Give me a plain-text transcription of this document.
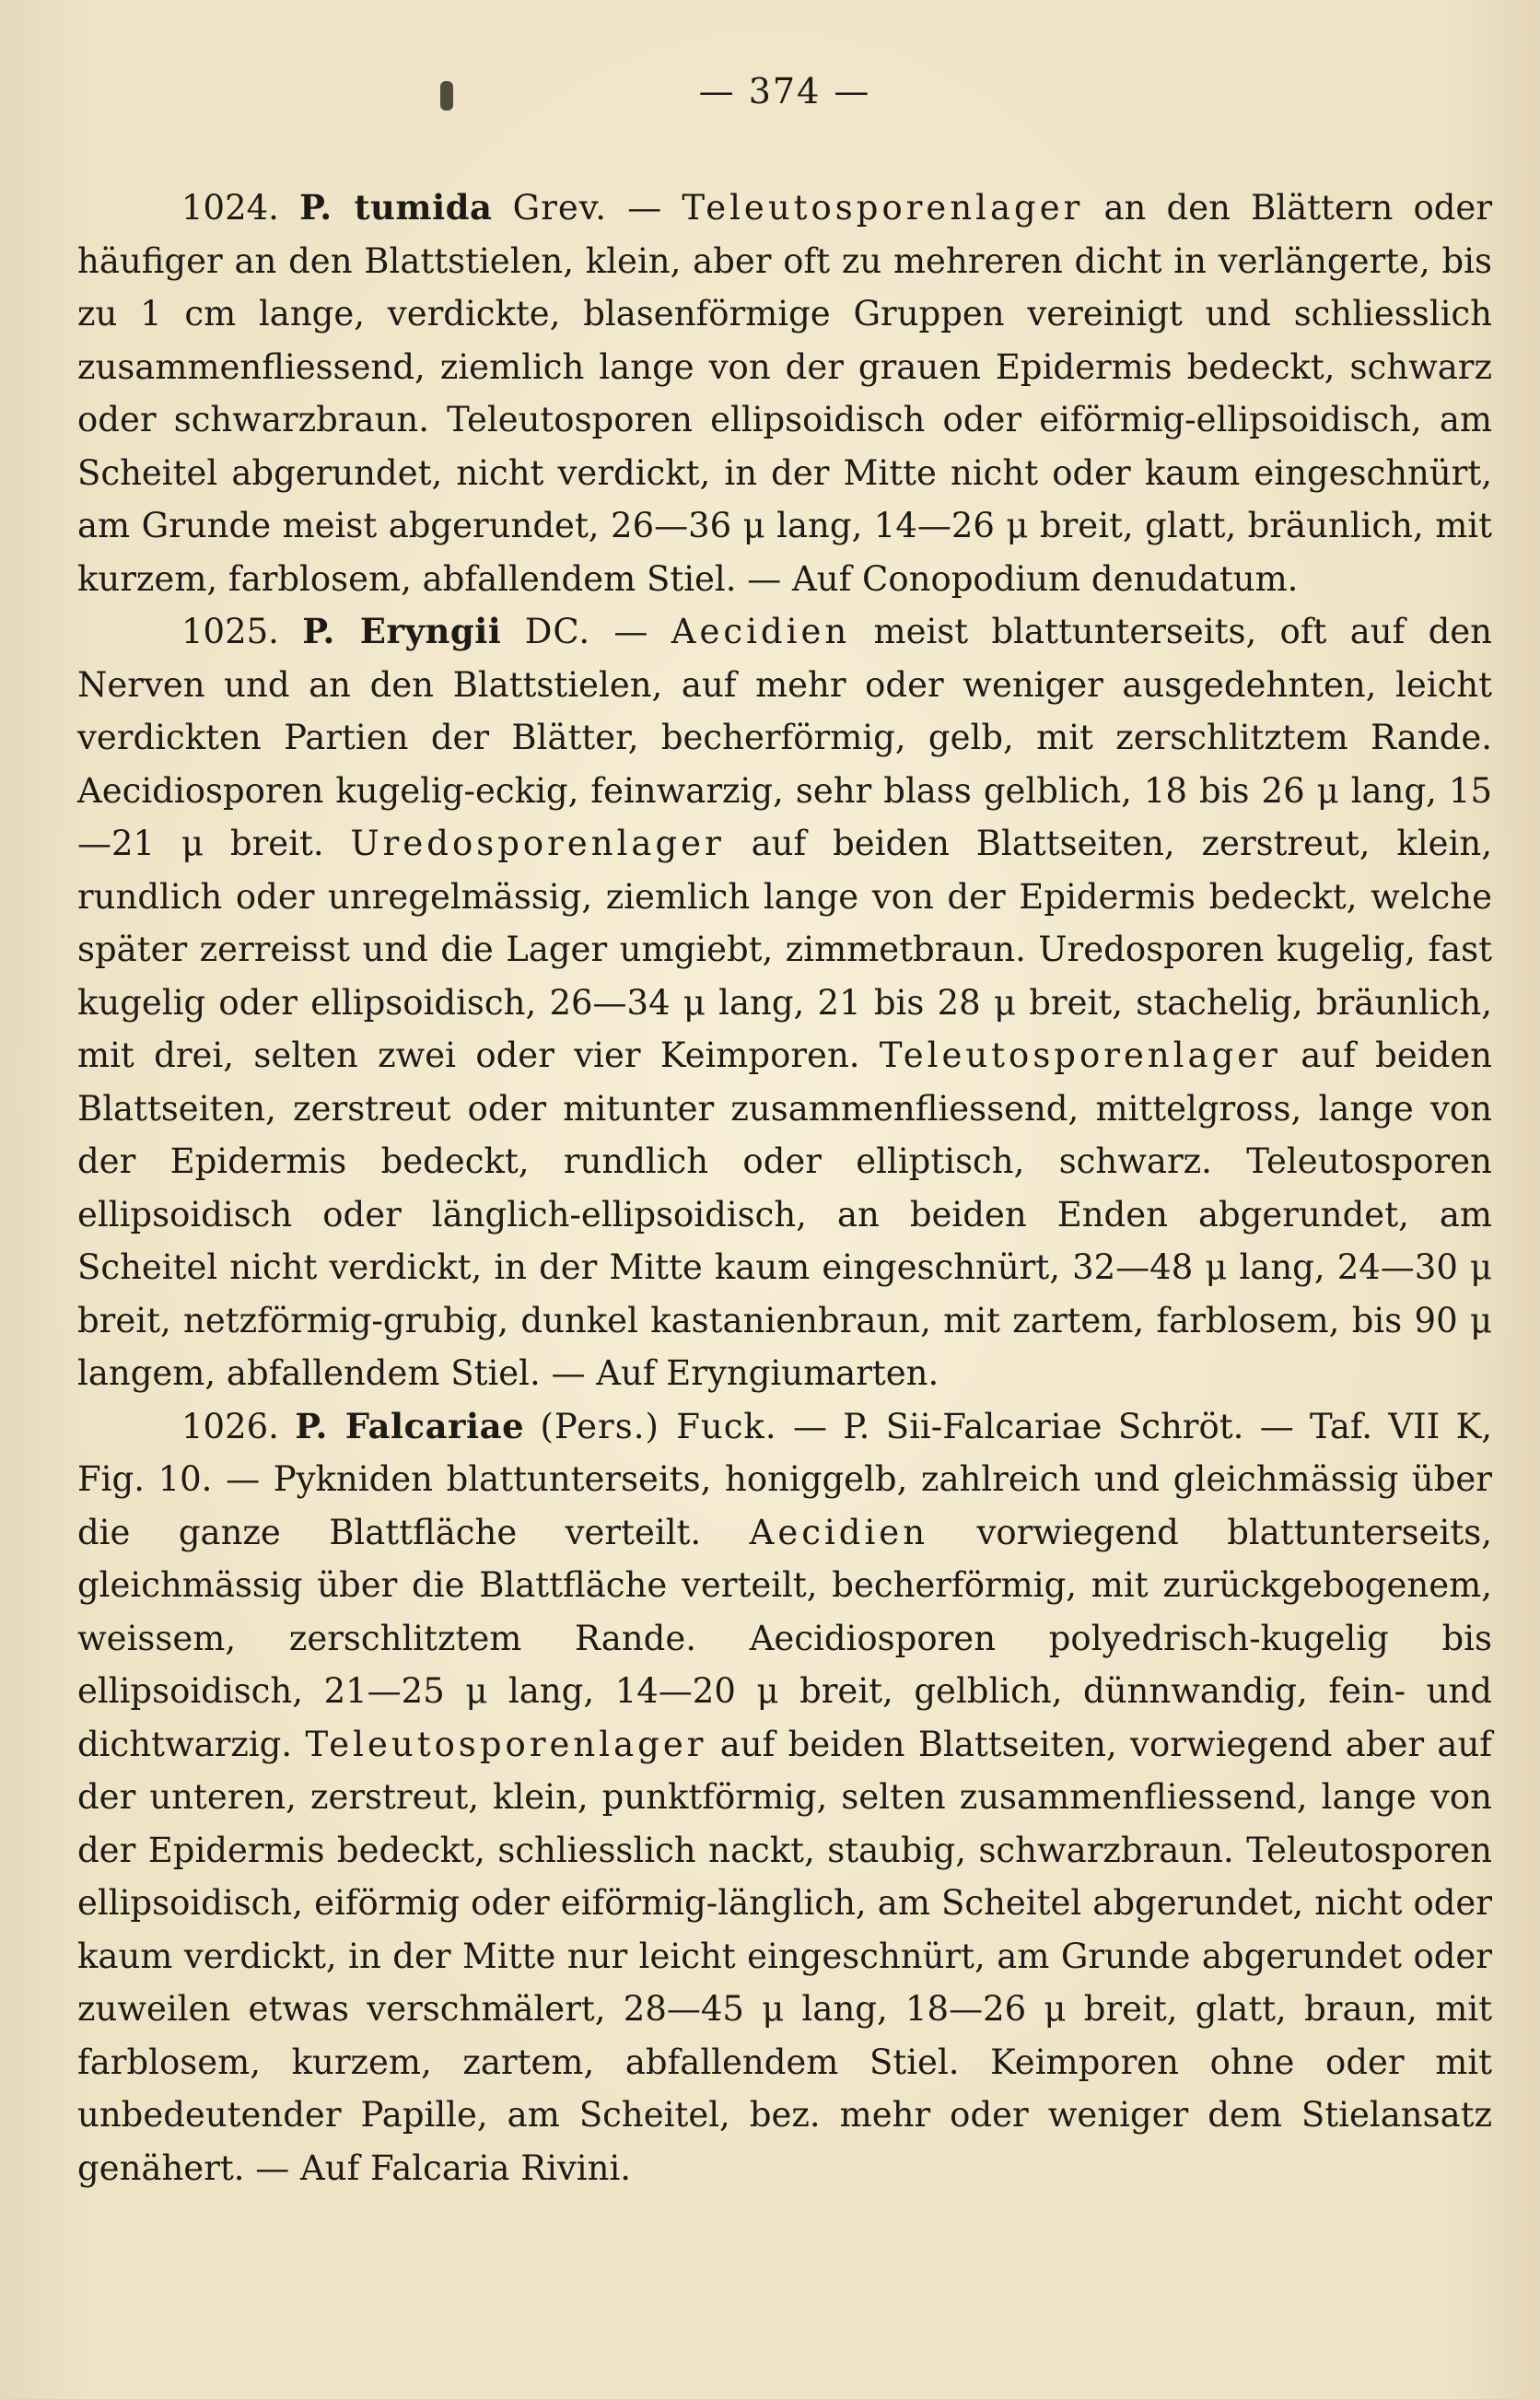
— 374 —

1024. P. tumida Grev. — Teleutosporenlager an den Blättern oder häufiger an den Blattstielen, klein, aber oft zu mehreren dicht in verlängerte, bis zu 1 cm lange, verdickte, blasenförmige Gruppen vereinigt und schliesslich zusammenfliessend, ziemlich lange von der grauen Epidermis bedeckt, schwarz oder schwarzbraun. Teleutosporen ellipsoidisch oder eiförmig-ellipsoidisch, am Scheitel abgerundet, nicht verdickt, in der Mitte nicht oder kaum eingeschnürt, am Grunde meist abgerundet, 26—36 μ lang, 14—26 μ breit, glatt, bräunlich, mit kurzem, farblosem, abfallendem Stiel. — Auf Conopodium denudatum.

1025. P. Eryngii DC. — Aecidien meist blattunterseits, oft auf den Nerven und an den Blattstielen, auf mehr oder weniger ausgedehnten, leicht verdickten Partien der Blätter, becherförmig, gelb, mit zerschlitztem Rande. Aecidiosporen kugelig-eckig, feinwarzig, sehr blass gelblich, 18 bis 26 μ lang, 15—21 μ breit. Uredosporenlager auf beiden Blattseiten, zerstreut, klein, rundlich oder unregelmässig, ziemlich lange von der Epidermis bedeckt, welche später zerreisst und die Lager umgiebt, zimmetbraun. Uredosporen kugelig, fast kugelig oder ellipsoidisch, 26—34 μ lang, 21 bis 28 μ breit, stachelig, bräunlich, mit drei, selten zwei oder vier Keimporen. Teleutosporenlager auf beiden Blattseiten, zerstreut oder mitunter zusammenfliessend, mittelgross, lange von der Epidermis bedeckt, rundlich oder elliptisch, schwarz. Teleutosporen ellipsoidisch oder länglich-ellipsoidisch, an beiden Enden abgerundet, am Scheitel nicht verdickt, in der Mitte kaum eingeschnürt, 32—48 μ lang, 24—30 μ breit, netzförmig-grubig, dunkel kastanienbraun, mit zartem, farblosem, bis 90 μ langem, abfallendem Stiel. — Auf Eryngiumarten.

1026. P. Falcariae (Pers.) Fuck. — P. Sii-Falcariae Schröt. — Taf. VII K, Fig. 10. — Pykniden blattunterseits, honiggelb, zahlreich und gleichmässig über die ganze Blattfläche verteilt. Aecidien vorwiegend blattunterseits, gleichmässig über die Blattfläche verteilt, becherförmig, mit zurückgebogenem, weissem, zerschlitztem Rande. Aecidiosporen polyedrisch-kugelig bis ellipsoidisch, 21—25 μ lang, 14—20 μ breit, gelblich, dünnwandig, fein- und dichtwarzig. Teleutosporenlager auf beiden Blattseiten, vorwiegend aber auf der unteren, zerstreut, klein, punktförmig, selten zusammenfliessend, lange von der Epidermis bedeckt, schliesslich nackt, staubig, schwarzbraun. Teleutosporen ellipsoidisch, eiförmig oder eiförmig-länglich, am Scheitel abgerundet, nicht oder kaum verdickt, in der Mitte nur leicht eingeschnürt, am Grunde abgerundet oder zuweilen etwas verschmälert, 28—45 μ lang, 18—26 μ breit, glatt, braun, mit farblosem, kurzem, zartem, abfallendem Stiel. Keimporen ohne oder mit unbedeutender Papille, am Scheitel, bez. mehr oder weniger dem Stielansatz genähert. — Auf Falcaria Rivini.
